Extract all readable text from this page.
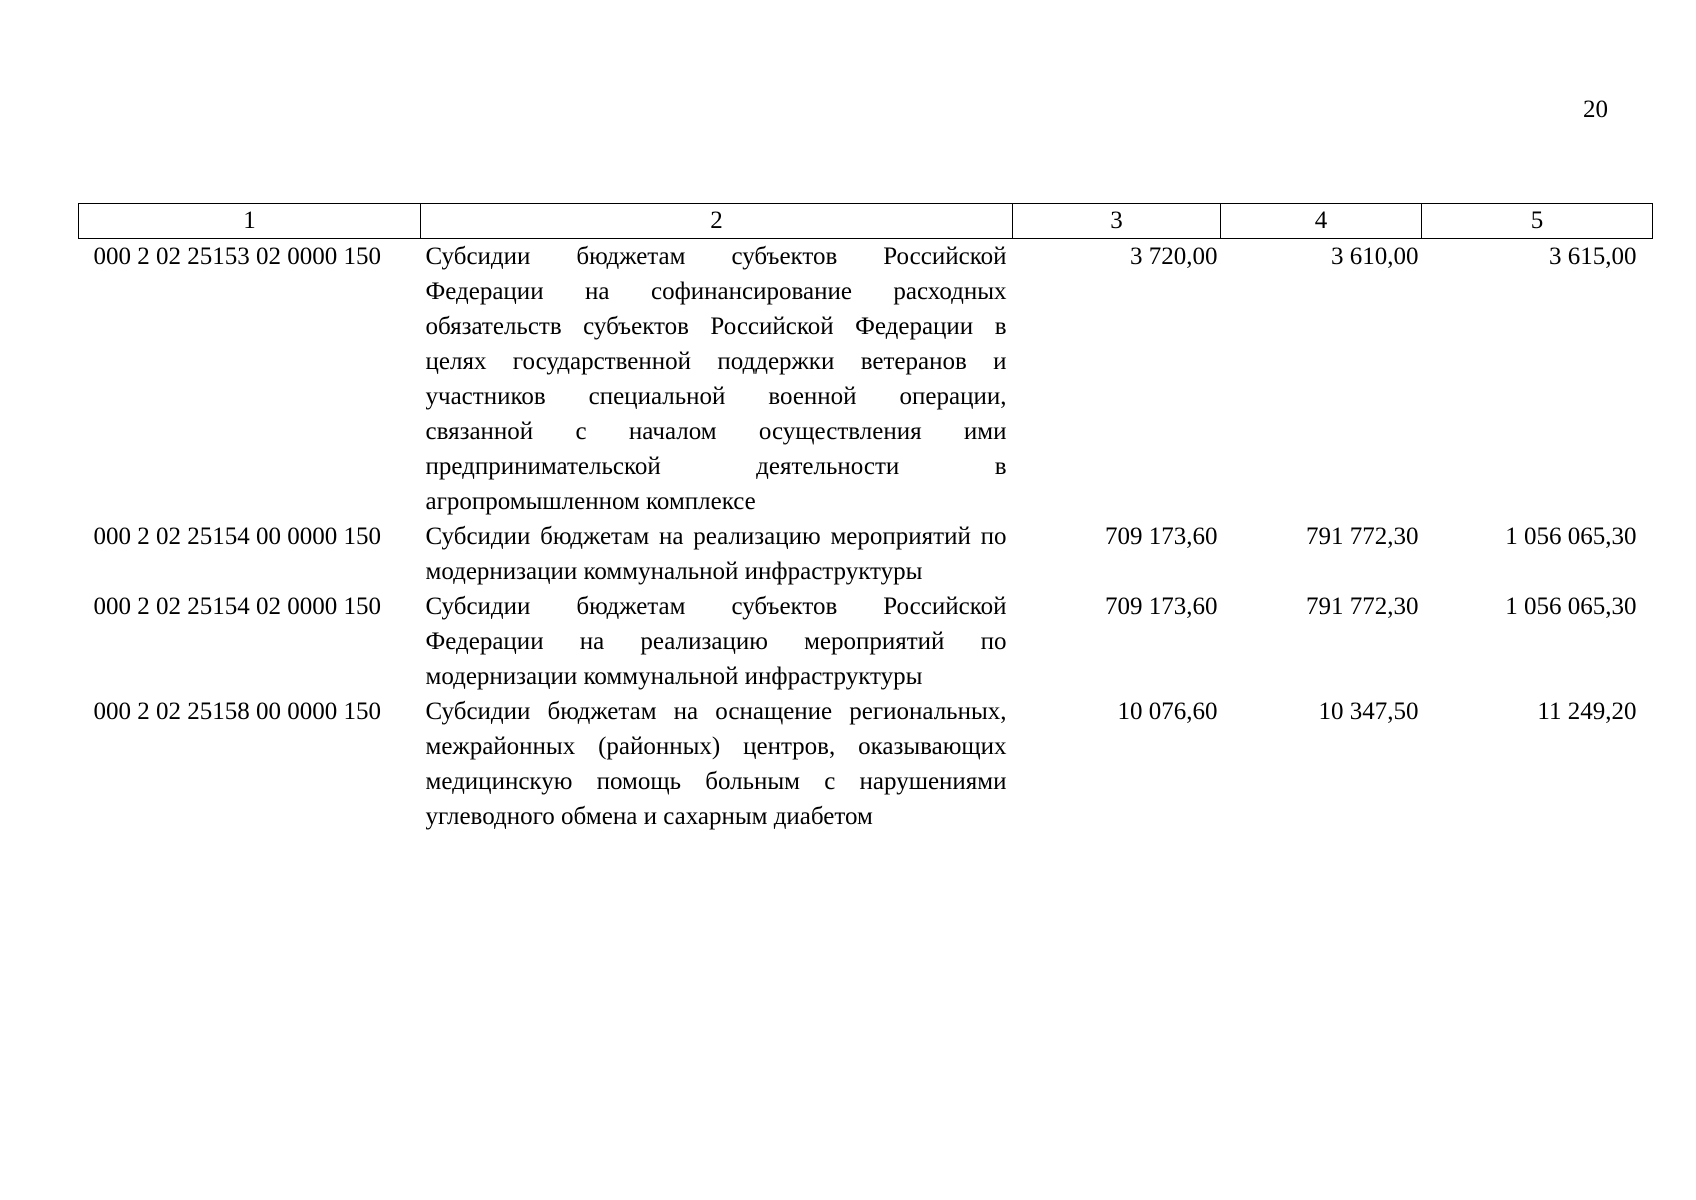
20
1	2	3	4	5
000 2 02 25153 02 0000 150	Субсидии бюджетам субъектов Российской Федерации на софинансирование расходных обязательств субъектов Российской Федерации в целях государственной поддержки ветеранов и участников специальной военной операции, связанной с началом осуществления ими предпринимательской деятельности в агропромышленном комплексе	3 720,00	3 610,00	3 615,00
000 2 02 25154 00 0000 150	Субсидии бюджетам на реализацию мероприятий по модернизации коммунальной инфраструктуры	709 173,60	791 772,30	1 056 065,30
000 2 02 25154 02 0000 150	Субсидии бюджетам субъектов Российской Федерации на реализацию мероприятий по модернизации коммунальной инфраструктуры	709 173,60	791 772,30	1 056 065,30
000 2 02 25158 00 0000 150	Субсидии бюджетам на оснащение региональных, межрайонных (районных) центров, оказывающих медицинскую помощь больным с нарушениями углеводного обмена и сахарным диабетом	10 076,60	10 347,50	11 249,20
